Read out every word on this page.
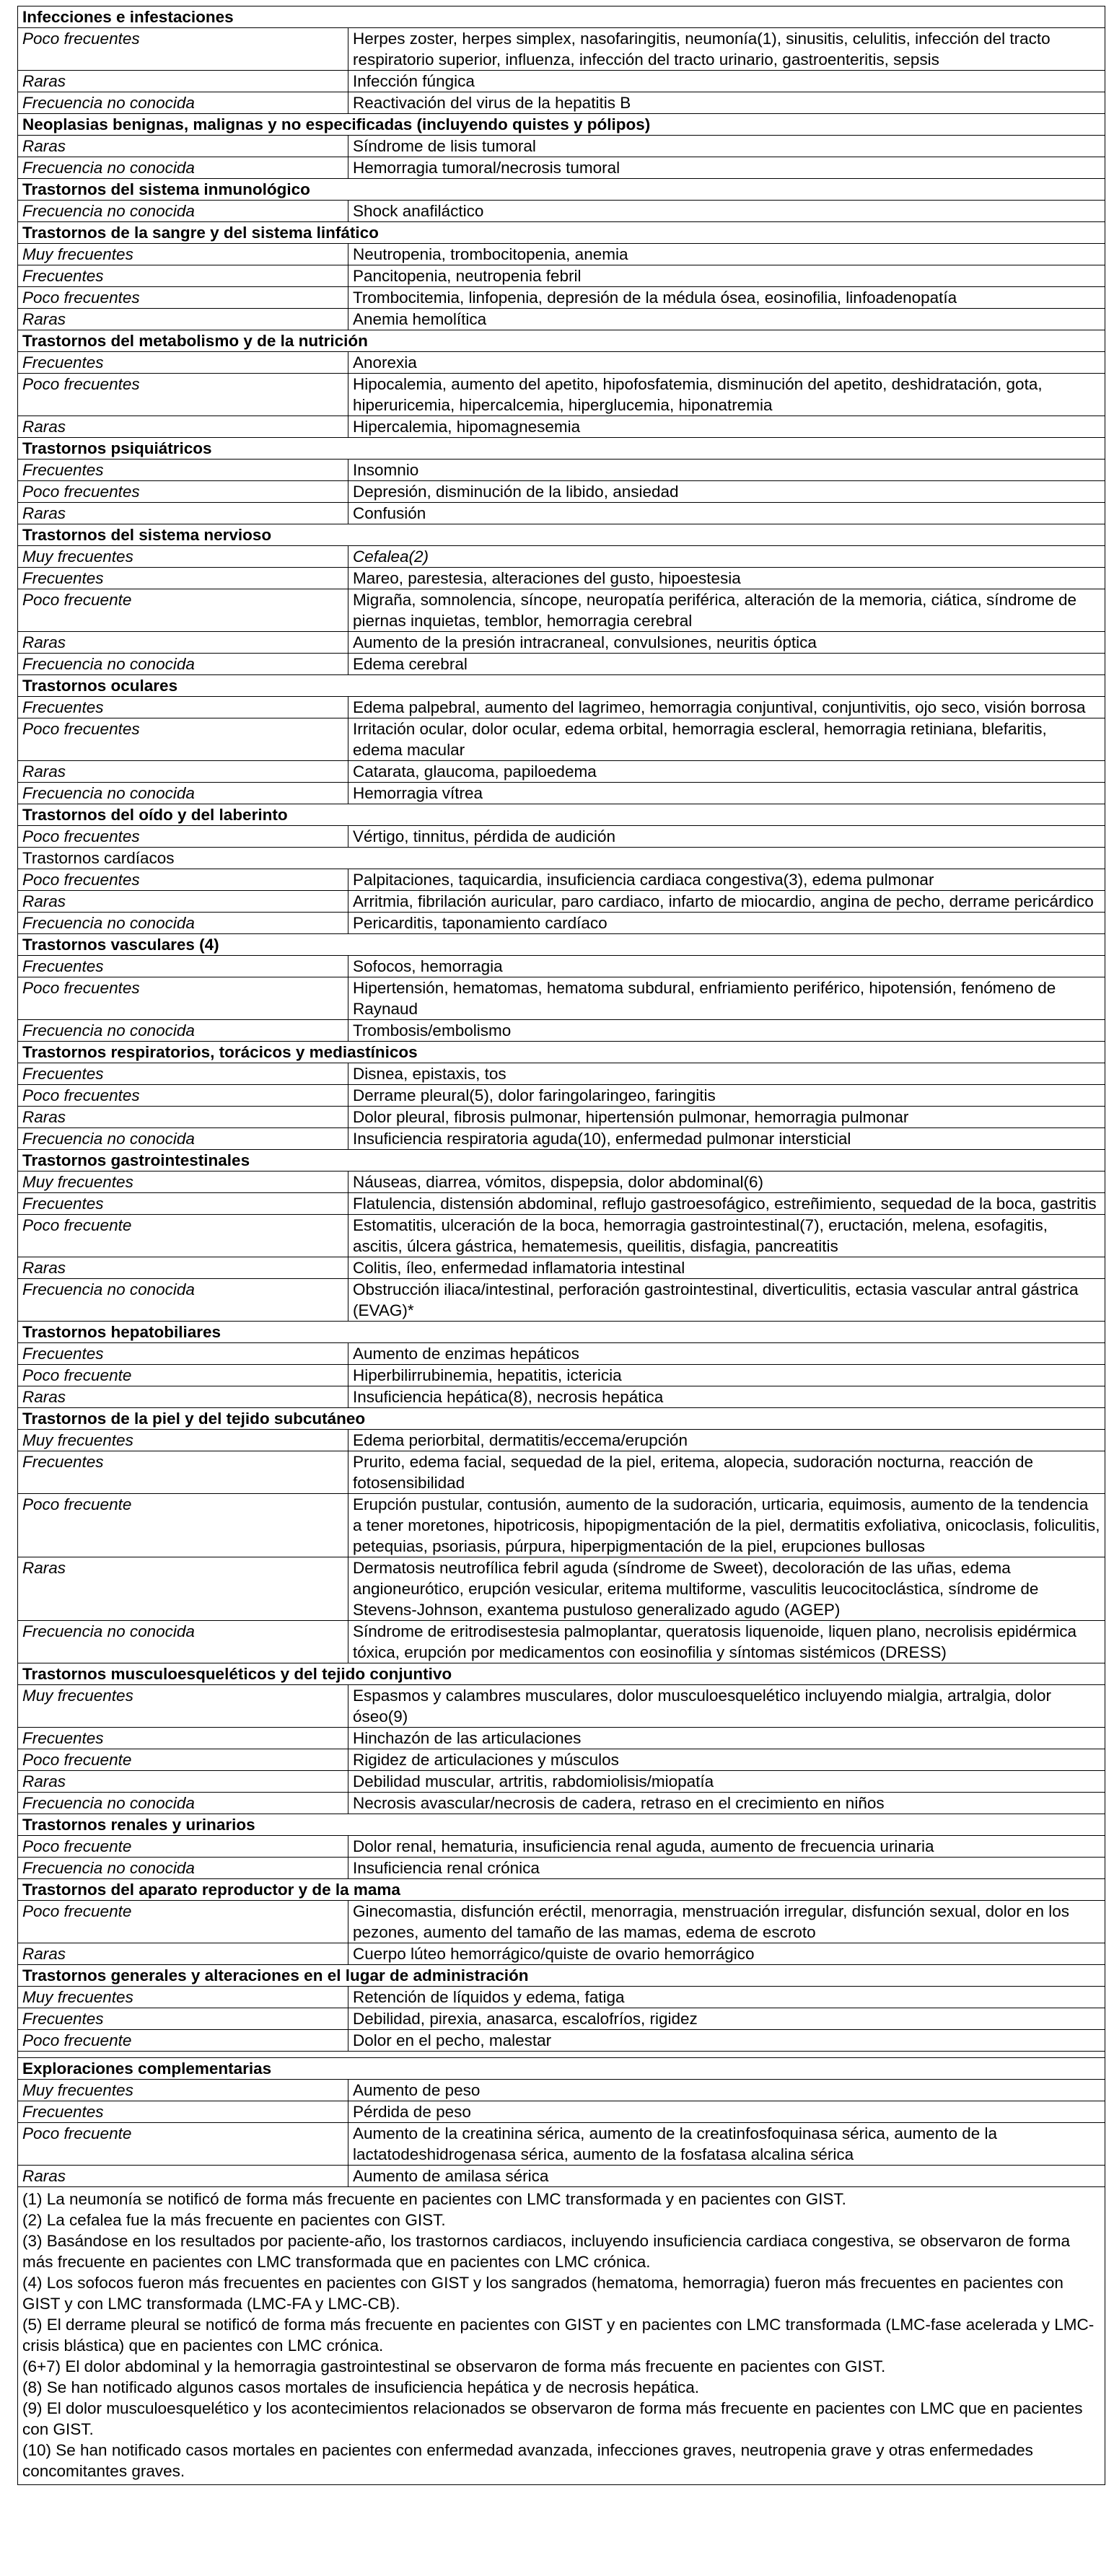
Infecciones e infestaciones	
Poco frecuentes	Herpes zoster, herpes simplex, nasofaringitis, neumonía(1), sinusitis, celulitis, infección del tracto respiratorio superior, influenza, infección del tracto urinario, gastroenteritis, sepsis
Raras	Infección fúngica
Frecuencia no conocida	Reactivación del virus de la hepatitis B
Neoplasias benignas, malignas y no especificadas (incluyendo quistes y pólipos)	
Raras	Síndrome de lisis tumoral
Frecuencia no conocida	Hemorragia tumoral/necrosis tumoral
Trastornos del sistema inmunológico	
Frecuencia no conocida	Shock anafiláctico
Trastornos de la sangre y del sistema linfático	
Muy frecuentes	Neutropenia, trombocitopenia, anemia
Frecuentes	Pancitopenia, neutropenia febril
Poco frecuentes	Trombocitemia, linfopenia, depresión de la médula ósea, eosinofilia, linfoadenopatía
Raras	Anemia hemolítica
Trastornos del metabolismo y de la nutrición	
Frecuentes	Anorexia
Poco frecuentes	Hipocalemia, aumento del apetito, hipofosfatemia, disminución del apetito, deshidratación, gota, hiperuricemia, hipercalcemia, hiperglucemia, hiponatremia
Raras	Hipercalemia, hipomagnesemia
Trastornos psiquiátricos	
Frecuentes	Insomnio
Poco frecuentes	Depresión, disminución de la libido, ansiedad
Raras	Confusión
Trastornos del sistema nervioso	
Muy frecuentes	Cefalea(2)
Frecuentes	Mareo, parestesia, alteraciones del gusto, hipoestesia
Poco frecuente	Migraña, somnolencia, síncope, neuropatía periférica, alteración de la memoria, ciática, síndrome de piernas inquietas, temblor, hemorragia cerebral
Raras	Aumento de la presión intracraneal, convulsiones, neuritis óptica
Frecuencia no conocida	Edema cerebral
Trastornos oculares	
Frecuentes	Edema palpebral, aumento del lagrimeo, hemorragia conjuntival, conjuntivitis, ojo seco, visión borrosa
Poco frecuentes	Irritación ocular, dolor ocular, edema orbital, hemorragia escleral, hemorragia retiniana, blefaritis, edema macular
Raras	Catarata, glaucoma, papiloedema
Frecuencia no conocida	Hemorragia vítrea
Trastornos del oído y del laberinto	
Poco frecuentes	Vértigo, tinnitus, pérdida de audición
Trastornos cardíacos	
Poco frecuentes	Palpitaciones, taquicardia, insuficiencia cardiaca congestiva(3), edema pulmonar
Raras	Arritmia, fibrilación auricular, paro cardiaco, infarto de miocardio, angina de pecho, derrame pericárdico
Frecuencia no conocida	Pericarditis, taponamiento cardíaco
Trastornos vasculares (4)	
Frecuentes	Sofocos, hemorragia
Poco frecuentes	Hipertensión, hematomas, hematoma subdural, enfriamiento periférico, hipotensión, fenómeno de Raynaud
Frecuencia no conocida	Trombosis/embolismo
Trastornos respiratorios, torácicos y mediastínicos	
Frecuentes	Disnea, epistaxis, tos
Poco frecuentes	Derrame pleural(5), dolor faringolaringeo, faringitis
Raras	Dolor pleural, fibrosis pulmonar, hipertensión pulmonar, hemorragia pulmonar
Frecuencia no conocida	Insuficiencia respiratoria aguda(10), enfermedad pulmonar intersticial
Trastornos gastrointestinales	
Muy frecuentes	Náuseas, diarrea, vómitos, dispepsia, dolor abdominal(6)
Frecuentes	Flatulencia, distensión abdominal, reflujo gastroesofágico, estreñimiento, sequedad de la boca, gastritis
Poco frecuente	Estomatitis, ulceración de la boca, hemorragia gastrointestinal(7), eructación, melena, esofagitis, ascitis, úlcera gástrica, hematemesis, queilitis, disfagia, pancreatitis
Raras	Colitis, íleo, enfermedad inflamatoria intestinal
Frecuencia no conocida	Obstrucción iliaca/intestinal, perforación gastrointestinal, diverticulitis, ectasia vascular antral gástrica (EVAG)*
Trastornos hepatobiliares	
Frecuentes	Aumento de enzimas hepáticos
Poco frecuente	Hiperbilirrubinemia, hepatitis, ictericia
Raras	Insuficiencia hepática(8), necrosis hepática
Trastornos de la piel y del tejido subcutáneo	
Muy frecuentes	Edema periorbital, dermatitis/eccema/erupción
Frecuentes	Prurito, edema facial, sequedad de la piel, eritema, alopecia, sudoración nocturna, reacción de fotosensibilidad
Poco frecuente	Erupción pustular, contusión, aumento de la sudoración, urticaria, equimosis, aumento de la tendencia a tener moretones, hipotricosis, hipopigmentación de la piel, dermatitis exfoliativa, onicoclasis, foliculitis, petequias, psoriasis, púrpura, hiperpigmentación de la piel, erupciones bullosas
Raras	Dermatosis neutrofílica febril aguda (síndrome de Sweet), decoloración de las uñas, edema angioneurótico, erupción vesicular, eritema multiforme, vasculitis leucocitoclástica, síndrome de Stevens-Johnson, exantema pustuloso generalizado agudo (AGEP)
Frecuencia no conocida	Síndrome de eritrodisestesia palmoplantar, queratosis liquenoide, liquen plano, necrolisis epidérmica tóxica, erupción por medicamentos con eosinofilia y síntomas sistémicos (DRESS)
Trastornos musculoesqueléticos y del tejido conjuntivo	
Muy frecuentes	Espasmos y calambres musculares, dolor musculoesquelético incluyendo mialgia, artralgia, dolor óseo(9)
Frecuentes	Hinchazón de las articulaciones
Poco frecuente	Rigidez de articulaciones y músculos
Raras	Debilidad muscular, artritis, rabdomiolisis/miopatía
Frecuencia no conocida	Necrosis avascular/necrosis de cadera, retraso en el crecimiento en niños
Trastornos renales y urinarios	
Poco frecuente	Dolor renal, hematuria, insuficiencia renal aguda, aumento de frecuencia urinaria
Frecuencia no conocida	Insuficiencia renal crónica
Trastornos del aparato reproductor y de la mama	
Poco frecuente	Ginecomastia, disfunción eréctil, menorragia, menstruación irregular, disfunción sexual, dolor en los pezones, aumento del tamaño de las mamas, edema de escroto
Raras	Cuerpo lúteo hemorrágico/quiste de ovario hemorrágico
Trastornos generales y alteraciones en el lugar de administración	
Muy frecuentes	Retención de líquidos y edema, fatiga
Frecuentes	Debilidad, pirexia, anasarca, escalofríos, rigidez
Poco frecuente	Dolor en el pecho, malestar

Exploraciones complementarias	
Muy frecuentes	Aumento de peso
Frecuentes	Pérdida de peso
Poco frecuente	Aumento de la creatinina sérica, aumento de la creatinfosfoquinasa sérica, aumento de la lactatodeshidrogenasa sérica, aumento de la fosfatasa alcalina sérica
Raras	Aumento de amilasa sérica

(1) La neumonía se notificó de forma más frecuente en pacientes con LMC transformada y en pacientes con GIST.

(2) La cefalea fue la más frecuente en pacientes con GIST.

(3) Basándose en los resultados por paciente-año, los trastornos cardiacos, incluyendo insuficiencia cardiaca congestiva, se observaron de forma más frecuente en pacientes con LMC transformada que en pacientes con LMC crónica.

(4) Los sofocos fueron más frecuentes en pacientes con GIST y los sangrados (hematoma, hemorragia) fueron más frecuentes en pacientes con GIST y con LMC transformada (LMC-FA y LMC-CB).

(5) El derrame pleural se notificó de forma más frecuente en pacientes con GIST y en pacientes con LMC transformada (LMC-fase acelerada y LMC-crisis blástica) que en pacientes con LMC crónica.

(6+7) El dolor abdominal y la hemorragia gastrointestinal se observaron de forma más frecuente en pacientes con GIST.

(8) Se han notificado algunos casos mortales de insuficiencia hepática y de necrosis hepática.

(9) El dolor musculoesquelético y los acontecimientos relacionados se observaron de forma más frecuente en pacientes con LMC que en pacientes con GIST.

(10) Se han notificado casos mortales en pacientes con enfermedad avanzada, infecciones graves, neutropenia grave y otras enfermedades concomitantes graves.
